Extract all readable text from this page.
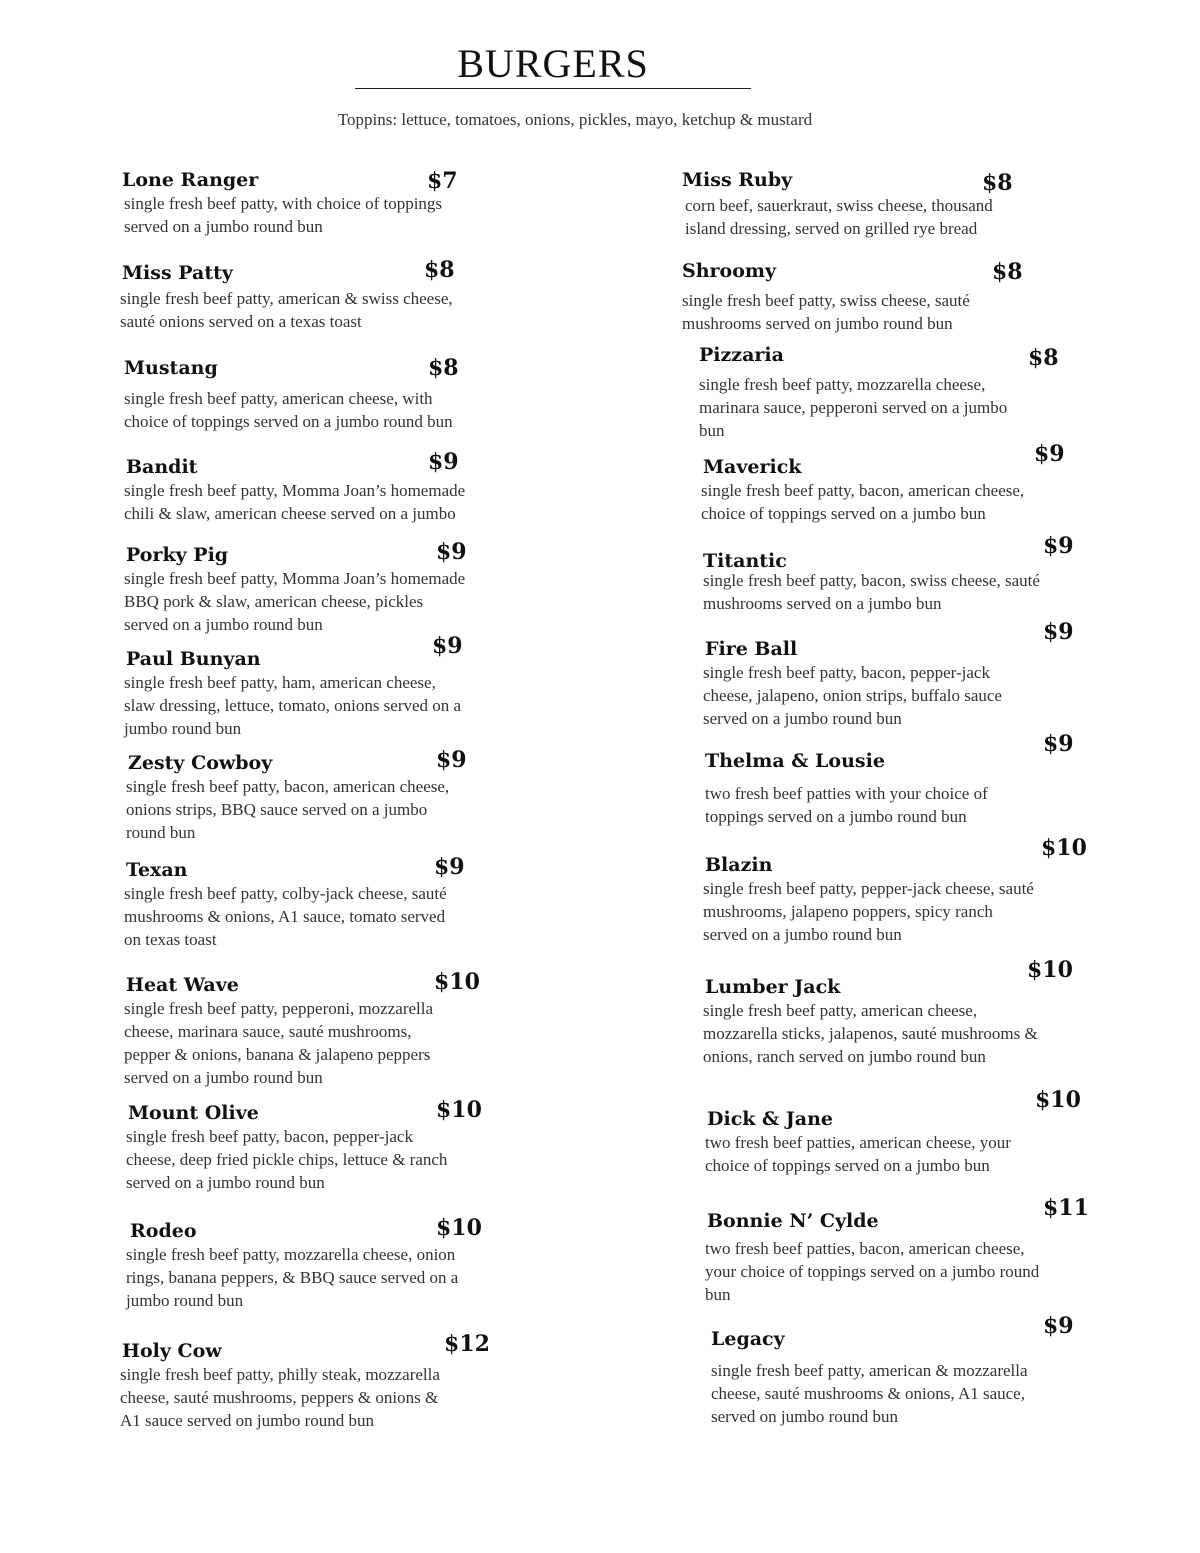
BURGERS
Toppins: lettuce, tomatoes, onions, pickles, mayo, ketchup & mustard
Lone Ranger	$7
single fresh beef patty, with choice of toppings
served on a jumbo round bun
Miss Patty	$8
single fresh beef patty, american & swiss cheese,
sauté onions served on a texas toast
Mustang	$8
single fresh beef patty, american cheese, with
choice of toppings served on a jumbo round bun
Bandit	$9
single fresh beef patty, Momma Joan’s homemade
chili & slaw, american cheese served on a jumbo
Porky Pig	$9
single fresh beef patty, Momma Joan’s homemade
BBQ pork & slaw, american cheese, pickles
served on a jumbo round bun
Paul Bunyan	$9
single fresh beef patty, ham, american cheese,
slaw dressing, lettuce, tomato, onions served on a
jumbo round bun
Zesty Cowboy	$9
single fresh beef patty, bacon, american cheese,
onions strips, BBQ sauce served on a jumbo
round bun
Texan	$9
single fresh beef patty, colby-jack cheese, sauté
mushrooms & onions, A1 sauce, tomato served
on texas toast
Heat Wave	$10
single fresh beef patty, pepperoni, mozzarella
cheese, marinara sauce, sauté mushrooms,
pepper & onions, banana & jalapeno peppers
served on a jumbo round bun
Mount Olive	$10
single fresh beef patty, bacon, pepper-jack
cheese, deep fried pickle chips, lettuce & ranch
served on a jumbo round bun
Rodeo	$10
single fresh beef patty, mozzarella cheese, onion
rings, banana peppers, & BBQ sauce served on a
jumbo round bun
Holy Cow	$12
single fresh beef patty, philly steak, mozzarella
cheese, sauté mushrooms, peppers & onions &
A1 sauce served on jumbo round bun
Miss Ruby	$8
corn beef, sauerkraut, swiss cheese, thousand
island dressing, served on grilled rye bread
Shroomy	$8
single fresh beef patty, swiss cheese, sauté
mushrooms served on jumbo round bun
Pizzaria	$8
single fresh beef patty, mozzarella cheese,
marinara sauce, pepperoni served on a jumbo
bun
Maverick	$9
single fresh beef patty, bacon, american cheese,
choice of toppings served on a jumbo bun
Titantic
$9
single fresh beef patty, bacon, swiss cheese, sauté
mushrooms served on a jumbo bun
Fire Ball
$9
single fresh beef patty, bacon, pepper-jack
cheese, jalapeno, onion strips, buffalo sauce
served on a jumbo round bun
Thelma & Lousie
$9
two fresh beef patties with your choice of
toppings served on a jumbo round bun
Blazin
$10
single fresh beef patty, pepper-jack cheese, sauté
mushrooms, jalapeno poppers, spicy ranch
served on a jumbo round bun
Lumber Jack
$10
single fresh beef patty, american cheese,
mozzarella sticks, jalapenos, sauté mushrooms &
onions, ranch served on jumbo round bun
Dick & Jane
$10
two fresh beef patties, american cheese, your
choice of toppings served on a jumbo bun
Bonnie N’ Cylde	$11
two fresh beef patties, bacon, american cheese,
your choice of toppings served on a jumbo round
bun
Legacy	$9
single fresh beef patty, american & mozzarella
cheese, sauté mushrooms & onions, A1 sauce,
served on jumbo round bun
